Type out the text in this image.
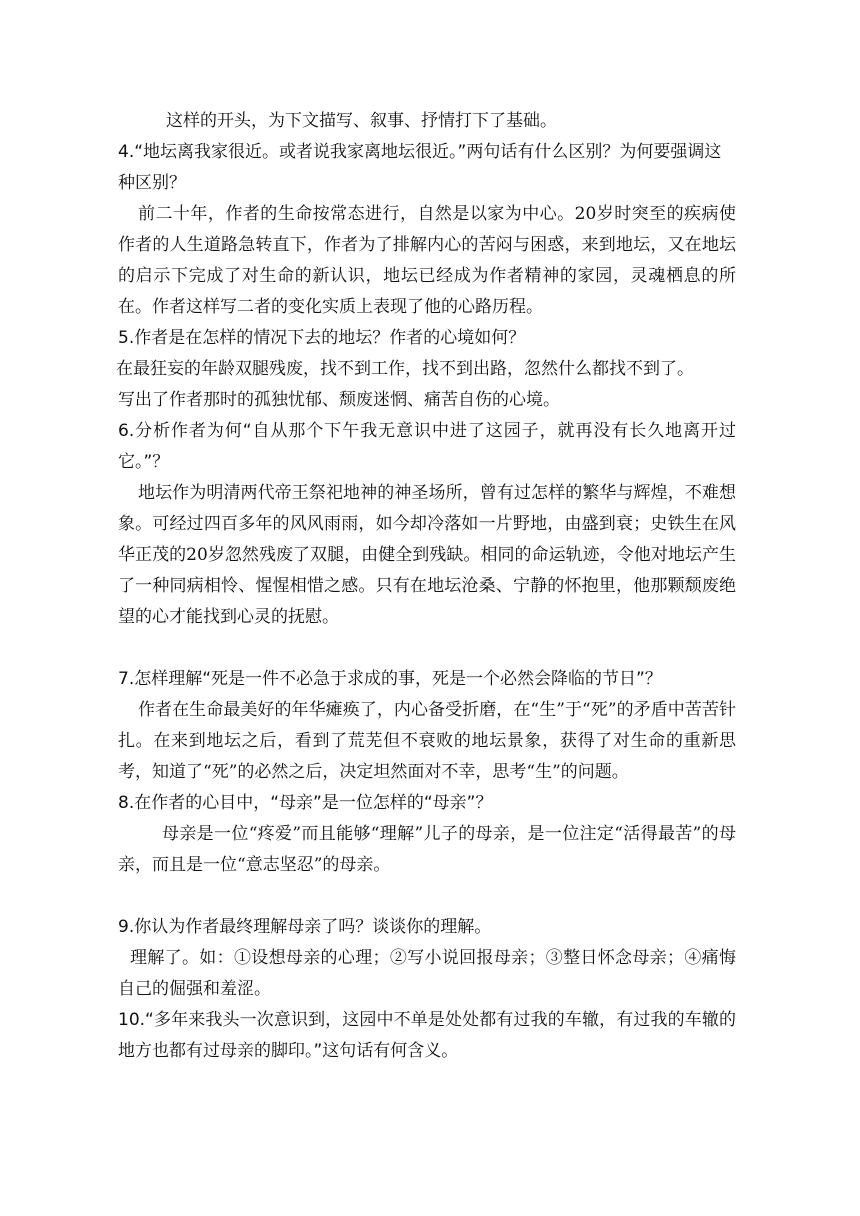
这样的开头，为下文描写、叙事、抒情打下了基础。

4.“地坛离我家很近。或者说我家离地坛很近。”两句话有什么区别？为何要强调这种区别？

前二十年，作者的生命按常态进行，自然是以家为中心。20岁时突至的疾病使作者的人生道路急转直下，作者为了排解内心的苦闷与困惑，来到地坛，又在地坛的启示下完成了对生命的新认识，地坛已经成为作者精神的家园，灵魂栖息的所在。作者这样写二者的变化实质上表现了他的心路历程。

5.作者是在怎样的情况下去的地坛？作者的心境如何？

在最狂妄的年龄双腿残废，找不到工作，找不到出路，忽然什么都找不到了。

写出了作者那时的孤独忧郁、颓废迷惘、痛苦自伤的心境。

6.分析作者为何“自从那个下午我无意识中进了这园子，就再没有长久地离开过它。”？

地坛作为明清两代帝王祭祀地神的神圣场所，曾有过怎样的繁华与辉煌，不难想象。可经过四百多年的风风雨雨，如今却冷落如一片野地，由盛到衰；史铁生在风华正茂的20岁忽然残废了双腿，由健全到残缺。相同的命运轨迹，令他对地坛产生了一种同病相怜、惺惺相惜之感。只有在地坛沧桑、宁静的怀抱里，他那颗颓废绝望的心才能找到心灵的抚慰。

7.怎样理解“死是一件不必急于求成的事，死是一个必然会降临的节日”？

作者在生命最美好的年华瘫痪了，内心备受折磨，在“生”于“死”的矛盾中苦苦针扎。在来到地坛之后，看到了荒芜但不衰败的地坛景象，获得了对生命的重新思考，知道了“死”的必然之后，决定坦然面对不幸，思考“生”的问题。

8.在作者的心目中，“母亲”是一位怎样的“母亲”？

母亲是一位“疼爱”而且能够“理解”儿子的母亲，是一位注定“活得最苦”的母亲，而且是一位“意志坚忍”的母亲。

9.你认为作者最终理解母亲了吗？谈谈你的理解。

理解了。如：①设想母亲的心理；②写小说回报母亲；③整日怀念母亲；④痛悔自己的倔强和羞涩。

10.“多年来我头一次意识到，这园中不单是处处都有过我的车辙，有过我的车辙的地方也都有过母亲的脚印。”这句话有何含义。
